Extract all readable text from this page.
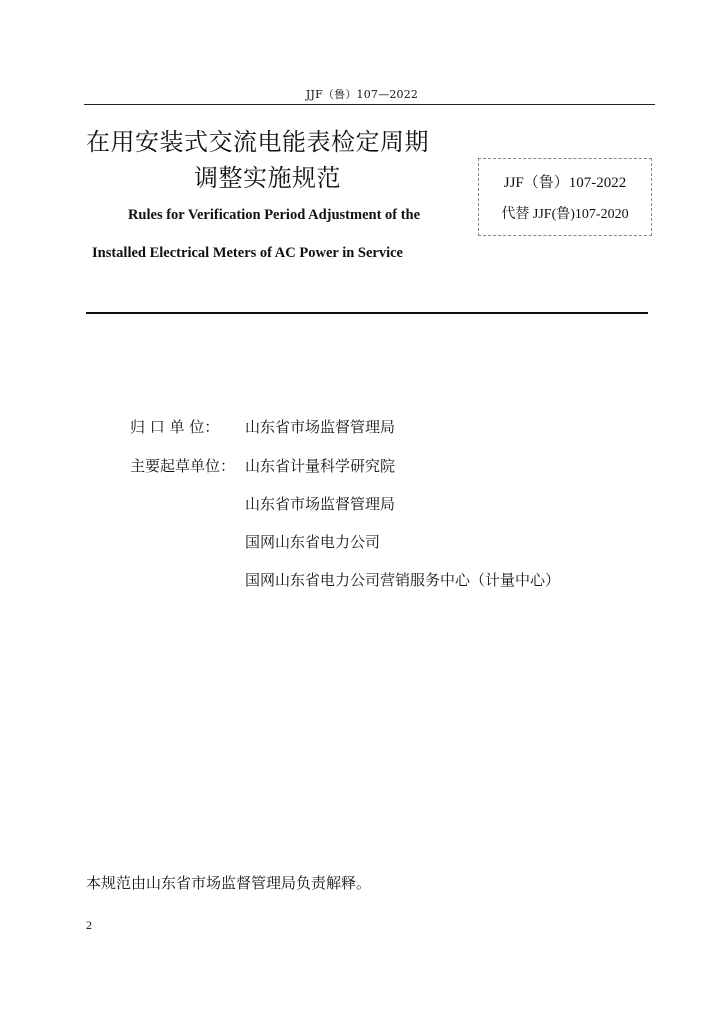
JJF（鲁）107—2022
在用安装式交流电能表检定周期
调整实施规范
Rules for Verification Period Adjustment of the
Installed Electrical Meters of AC Power in Service
JJF（鲁）107-2022
代替 JJF(鲁)107-2020
归 口 单 位：	山东省市场监督管理局
主要起草单位： 山东省计量科学研究院
山东省市场监督管理局
国网山东省电力公司
国网山东省电力公司营销服务中心（计量中心）
本规范由山东省市场监督管理局负责解释。
2
